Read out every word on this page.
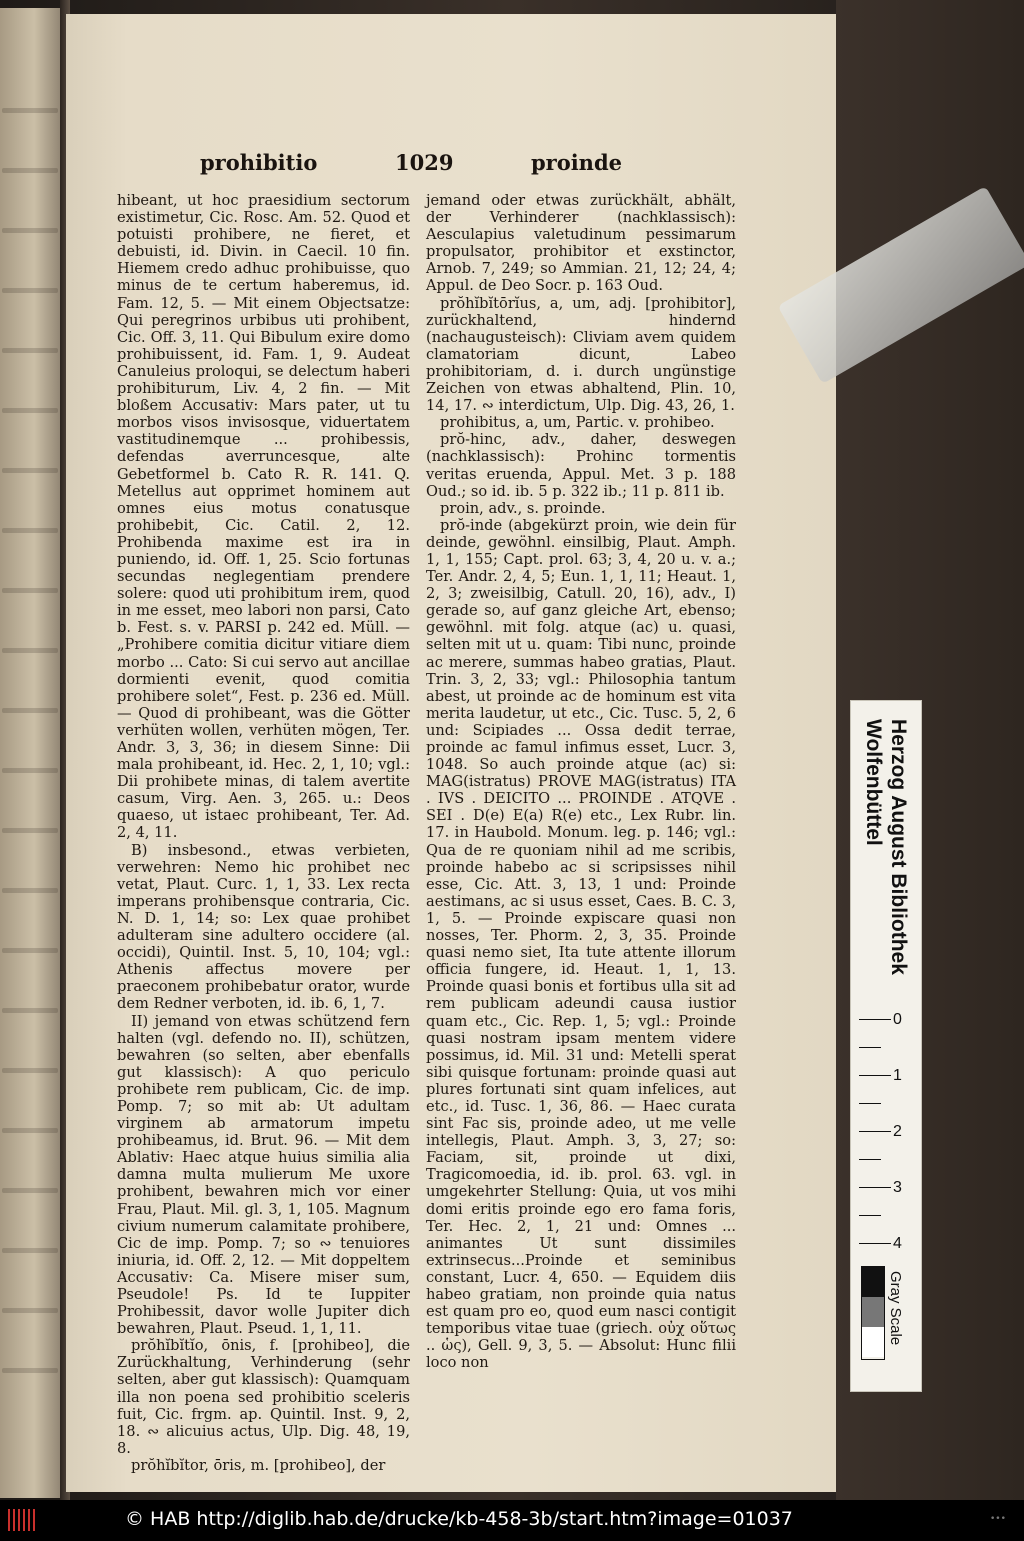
prohibitio	1029	proinde

hibeant, ut hoc praesidium sectorum existimetur, Cic. Rosc. Am. 52. Quod et potuisti prohibere, ne fieret, et debuisti, id. Divin. in Caecil. 10 fin. Hiemem credo adhuc prohibuisse, quo minus de te certum haberemus, id. Fam. 12, 5. — Mit einem Objectsatze: Qui peregrinos urbibus uti prohibent, Cic. Off. 3, 11. Qui Bibulum exire domo prohibuissent, id. Fam. 1, 9. Audeat Canuleius proloqui, se delectum haberi prohibiturum, Liv. 4, 2 fin. — Mit bloßem Accusativ: Mars pater, ut tu morbos visos invisosque, viduertatem vastitudinemque ... prohibessis, defendas averruncesque, alte Gebetformel b. Cato R. R. 141. Q. Metellus aut opprimet hominem aut omnes eius motus conatusque prohibebit, Cic. Catil. 2, 12. Prohibenda maxime est ira in puniendo, id. Off. 1, 25. Scio fortunas secundas neglegentiam prendere solere: quod uti prohibitum irem, quod in me esset, meo labori non parsi, Cato b. Fest. s. v. PARSI p. 242 ed. Müll. — „Prohibere comitia dicitur vitiare diem morbo ... Cato: Si cui servo aut ancillae dormienti evenit, quod comitia prohibere solet“, Fest. p. 236 ed. Müll. — Quod di prohibeant, was die Götter verhüten wollen, verhüten mögen, Ter. Andr. 3, 3, 36; in diesem Sinne: Dii mala prohibeant, id. Hec. 2, 1, 10; vgl.: Dii prohibete minas, di talem avertite casum, Virg. Aen. 3, 265. u.: Deos quaeso, ut istaec prohibeant, Ter. Ad. 2, 4, 11.

B) insbesond., etwas verbieten, verwehren: Nemo hic prohibet nec vetat, Plaut. Curc. 1, 1, 33. Lex recta imperans prohibensque contraria, Cic. N. D. 1, 14; so: Lex quae prohibet adulteram sine adultero occidere (al. occidi), Quintil. Inst. 5, 10, 104; vgl.: Athenis affectus movere per praeconem prohibebatur orator, wurde dem Redner verboten, id. ib. 6, 1, 7.

II) jemand von etwas schützend fern halten (vgl. defendo no. II), schützen, bewahren (so selten, aber ebenfalls gut klassisch): A quo periculo prohibete rem publicam, Cic. de imp. Pomp. 7; so mit ab: Ut adultam virginem ab armatorum impetu prohibeamus, id. Brut. 96. — Mit dem Ablativ: Haec atque huius similia alia damna multa mulierum Me uxore prohibent, bewahren mich vor einer Frau, Plaut. Mil. gl. 3, 1, 105. Magnum civium numerum calamitate prohibere, Cic de imp. Pomp. 7; so ∾ tenuiores iniuria, id. Off. 2, 12. — Mit doppeltem Accusativ: Ca. Misere miser sum, Pseudole! Ps. Id te Iuppiter Prohibessit, davor wolle Jupiter dich bewahren, Plaut. Pseud. 1, 1, 11.

prŏhĭbĭtĭo, ōnis, f. [prohibeo], die Zurückhaltung, Verhinderung (sehr selten, aber gut klassisch): Quamquam illa non poena sed prohibitio sceleris fuit, Cic. frgm. ap. Quintil. Inst. 9, 2, 18. ∾ alicuius actus, Ulp. Dig. 48, 19, 8.

prŏhĭbĭtor, ōris, m. [prohibeo], der

jemand oder etwas zurückhält, abhält, der Verhinderer (nachklassisch): Aesculapius valetudinum pessimarum propulsator, prohibitor et exstinctor, Arnob. 7, 249; so Ammian. 21, 12; 24, 4; Appul. de Deo Socr. p. 163 Oud.

prŏhĭbĭtōrĭus, a, um, adj. [prohibitor], zurückhaltend, hindernd (nachaugusteisch): Cliviam avem quidem clamatoriam dicunt, Labeo prohibitoriam, d. i. durch ungünstige Zeichen von etwas abhaltend, Plin. 10, 14, 17. ∾ interdictum, Ulp. Dig. 43, 26, 1.

prohibitus, a, um, Partic. v. prohibeo.

prŏ-hinc, adv., daher, deswegen (nachklassisch): Prohinc tormentis veritas eruenda, Appul. Met. 3 p. 188 Oud.; so id. ib. 5 p. 322 ib.; 11 p. 811 ib.

proin, adv., s. proinde.

prŏ-inde (abgekürzt proin, wie dein für deinde, gewöhnl. einsilbig, Plaut. Amph. 1, 1, 155; Capt. prol. 63; 3, 4, 20 u. v. a.; Ter. Andr. 2, 4, 5; Eun. 1, 1, 11; Heaut. 1, 2, 3; zweisilbig, Catull. 20, 16), adv., I) gerade so, auf ganz gleiche Art, ebenso; gewöhnl. mit folg. atque (ac) u. quasi, selten mit ut u. quam: Tibi nunc, proinde ac merere, summas habeo gratias, Plaut. Trin. 3, 2, 33; vgl.: Philosophia tantum abest, ut proinde ac de hominum est vita merita laudetur, ut etc., Cic. Tusc. 5, 2, 6 und: Scipiades ... Ossa dedit terrae, proinde ac famul infimus esset, Lucr. 3, 1048. So auch proinde atque (ac) si: MAG(istratus) PROVE MAG(istratus) ITA . IVS . DEICITO ... PROINDE . ATQVE . SEI . D(e) E(a) R(e) etc., Lex Rubr. lin. 17. in Haubold. Monum. leg. p. 146; vgl.: Qua de re quoniam nihil ad me scribis, proinde habebo ac si scripsisses nihil esse, Cic. Att. 3, 13, 1 und: Proinde aestimans, ac si usus esset, Caes. B. C. 3, 1, 5. — Proinde expiscare quasi non nosses, Ter. Phorm. 2, 3, 35. Proinde quasi nemo siet, Ita tute attente illorum officia fungere, id. Heaut. 1, 1, 13. Proinde quasi bonis et fortibus ulla sit ad rem publicam adeundi causa iustior quam etc., Cic. Rep. 1, 5; vgl.: Proinde quasi nostram ipsam mentem videre possimus, id. Mil. 31 und: Metelli sperat sibi quisque fortunam: proinde quasi aut plures fortunati sint quam infelices, aut etc., id. Tusc. 1, 36, 86. — Haec curata sint Fac sis, proinde adeo, ut me velle intellegis, Plaut. Amph. 3, 3, 27; so: Faciam, sit, proinde ut dixi, Tragicomoedia, id. ib. prol. 63. vgl. in umgekehrter Stellung: Quia, ut vos mihi domi eritis proinde ego ero fama foris, Ter. Hec. 2, 1, 21 und: Omnes ... animantes Ut sunt dissimiles extrinsecus...Proinde et seminibus constant, Lucr. 4, 650. — Equidem diis habeo gratiam, non proinde quia natus est quam pro eo, quod eum nasci contigit temporibus vitae tuae (griech. οὐχ οὕτως .. ὡς), Gell. 9, 3, 5. — Absolut: Hunc filii loco non

Herzog August Bibliothek
Wolfenbüttel
0
1
2
3
4
Gray Scale
© HAB http://diglib.hab.de/drucke/kb-458-3b/start.htm?image=01037	•••
